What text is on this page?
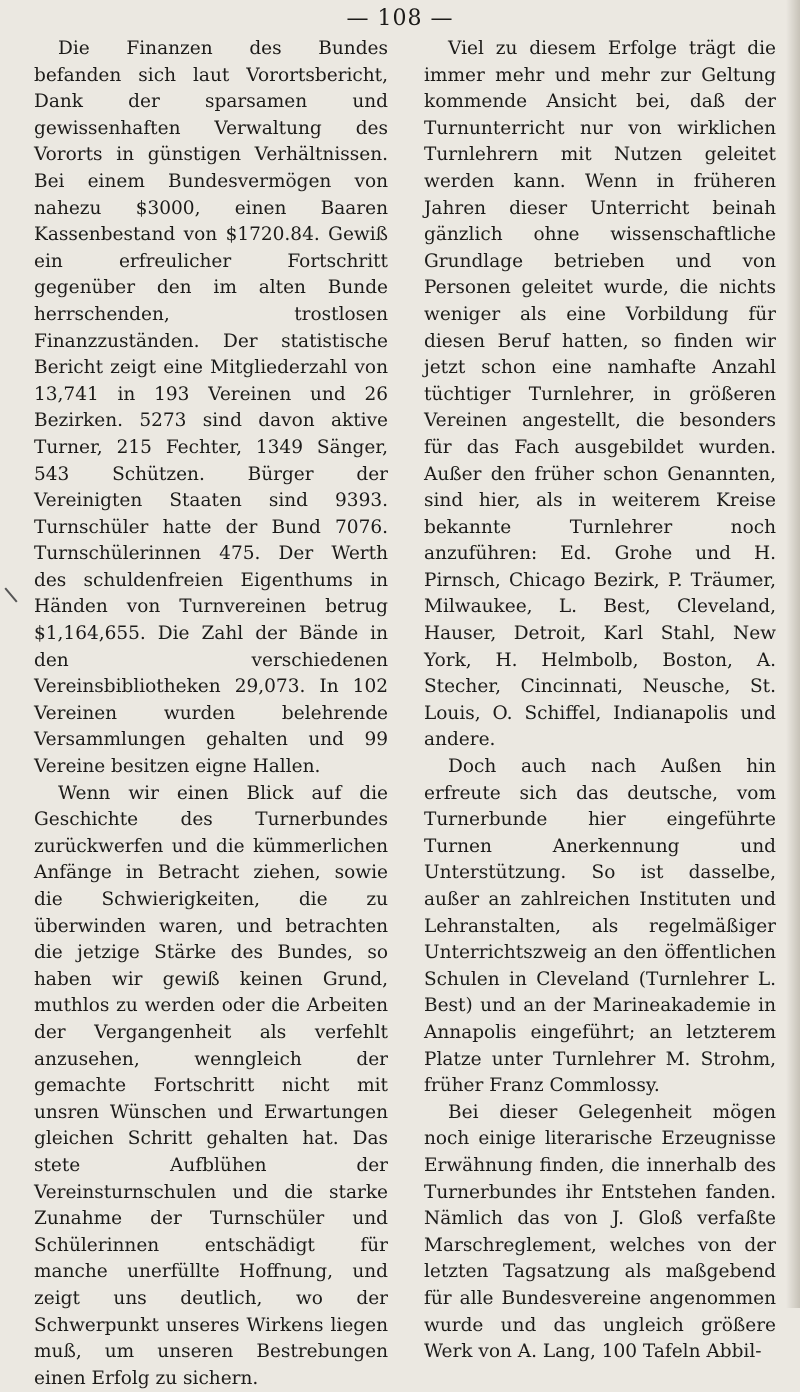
— 108 —

Die Finanzen des Bundes befanden sich laut Vorortsbericht, Dank der sparsamen und gewissenhaften Verwaltung des Vororts in günstigen Verhältnissen. Bei einem Bundesvermögen von nahezu $3000, einen Baaren Kassenbestand von $1720.84. Gewiß ein erfreulicher Fortschritt gegenüber den im alten Bunde herrschenden, trostlosen Finanzzuständen. Der statistische Bericht zeigt eine Mitgliederzahl von 13,741 in 193 Vereinen und 26 Bezirken. 5273 sind davon aktive Turner, 215 Fechter, 1349 Sänger, 543 Schützen. Bürger der Vereinigten Staaten sind 9393. Turnschüler hatte der Bund 7076. Turnschülerinnen 475. Der Werth des schuldenfreien Eigenthums in Händen von Turnvereinen betrug $1,164,655. Die Zahl der Bände in den verschiedenen Vereinsbibliotheken 29,073. In 102 Vereinen wurden belehrende Versammlungen gehalten und 99 Vereine besitzen eigne Hallen.

Wenn wir einen Blick auf die Geschichte des Turnerbundes zurückwerfen und die kümmerlichen Anfänge in Betracht ziehen, sowie die Schwierigkeiten, die zu überwinden waren, und betrachten die jetzige Stärke des Bundes, so haben wir gewiß keinen Grund, muthlos zu werden oder die Arbeiten der Vergangenheit als verfehlt anzusehen, wenngleich der gemachte Fortschritt nicht mit unsren Wünschen und Erwartungen gleichen Schritt gehalten hat. Das stete Aufblühen der Vereinsturnschulen und die starke Zunahme der Turnschüler und Schülerinnen entschädigt für manche unerfüllte Hoffnung, und zeigt uns deutlich, wo der Schwerpunkt unseres Wirkens liegen muß, um unseren Bestrebungen einen Erfolg zu sichern.

Viel zu diesem Erfolge trägt die immer mehr und mehr zur Geltung kommende Ansicht bei, daß der Turnunterricht nur von wirklichen Turnlehrern mit Nutzen geleitet werden kann. Wenn in früheren Jahren dieser Unterricht beinah gänzlich ohne wissenschaftliche Grundlage betrieben und von Personen geleitet wurde, die nichts weniger als eine Vorbildung für diesen Beruf hatten, so finden wir jetzt schon eine namhafte Anzahl tüchtiger Turnlehrer, in größeren Vereinen angestellt, die besonders für das Fach ausgebildet wurden. Außer den früher schon Genannten, sind hier, als in weiterem Kreise bekannte Turnlehrer noch anzuführen: Ed. Grohe und H. Pirnsch, Chicago Bezirk, P. Träumer, Milwaukee, L. Best, Cleveland, Hauser, Detroit, Karl Stahl, New York, H. Helmbolb, Boston, A. Stecher, Cincinnati, Neusche, St. Louis, O. Schiffel, Indianapolis und andere.

Doch auch nach Außen hin erfreute sich das deutsche, vom Turnerbunde hier eingeführte Turnen Anerkennung und Unterstützung. So ist dasselbe, außer an zahlreichen Instituten und Lehranstalten, als regelmäßiger Unterrichtszweig an den öffentlichen Schulen in Cleveland (Turnlehrer L. Best) und an der Marineakademie in Annapolis eingeführt; an letzterem Platze unter Turnlehrer M. Strohm, früher Franz Commlossy.

Bei dieser Gelegenheit mögen noch einige literarische Erzeugnisse Erwähnung finden, die innerhalb des Turnerbundes ihr Entstehen fanden. Nämlich das von J. Gloß verfaßte Marschreglement, welches von der letzten Tagsatzung als maßgebend für alle Bundesvereine angenommen wurde und das ungleich größere Werk von A. Lang, 100 Tafeln Abbil-
